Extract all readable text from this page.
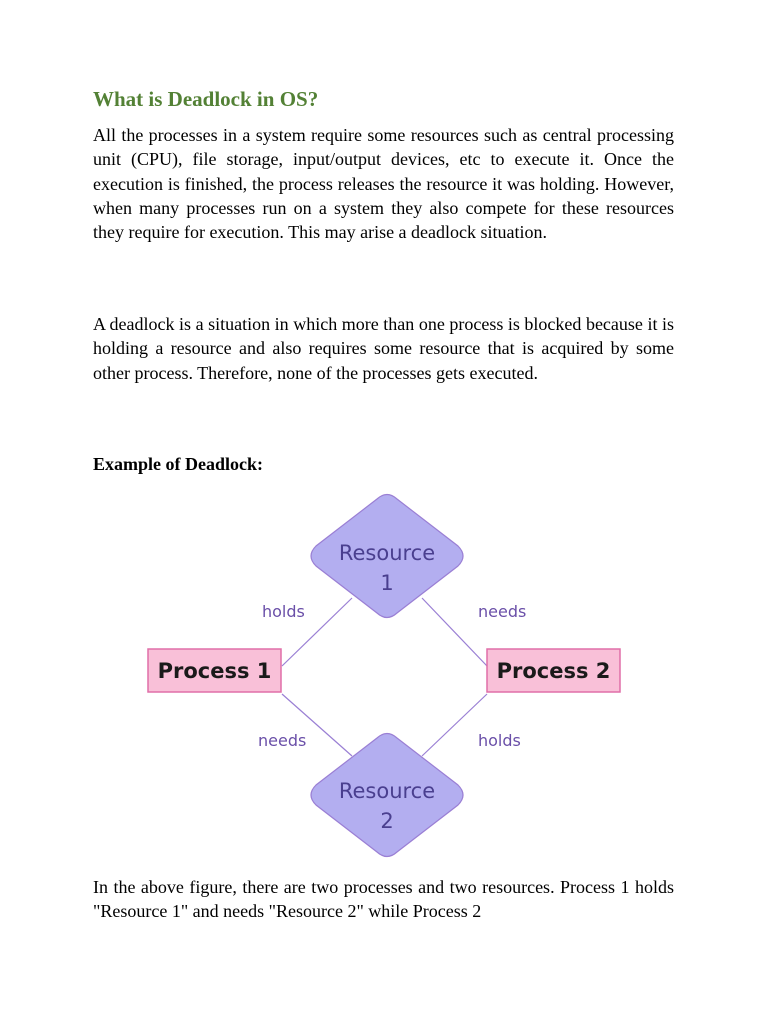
What is Deadlock in OS?

All the processes in a system require some resources such as central processing unit (CPU), file storage, input/output devices, etc to execute it. Once the execution is finished, the process releases the resource it was holding. However, when many processes run on a system they also compete for these resources they require for execution. This may arise a deadlock situation.

A deadlock is a situation in which more than one process is blocked because it is holding a resource and also requires some resource that is acquired by some other process. Therefore, none of the processes gets executed.

Example of Deadlock:
Resource
1
Resource
2
Process 1	Process 2
holds	needs
needs	holds

In the above figure, there are two processes and two resources. Process 1 holds "Resource 1" and needs "Resource 2" while Process 2
